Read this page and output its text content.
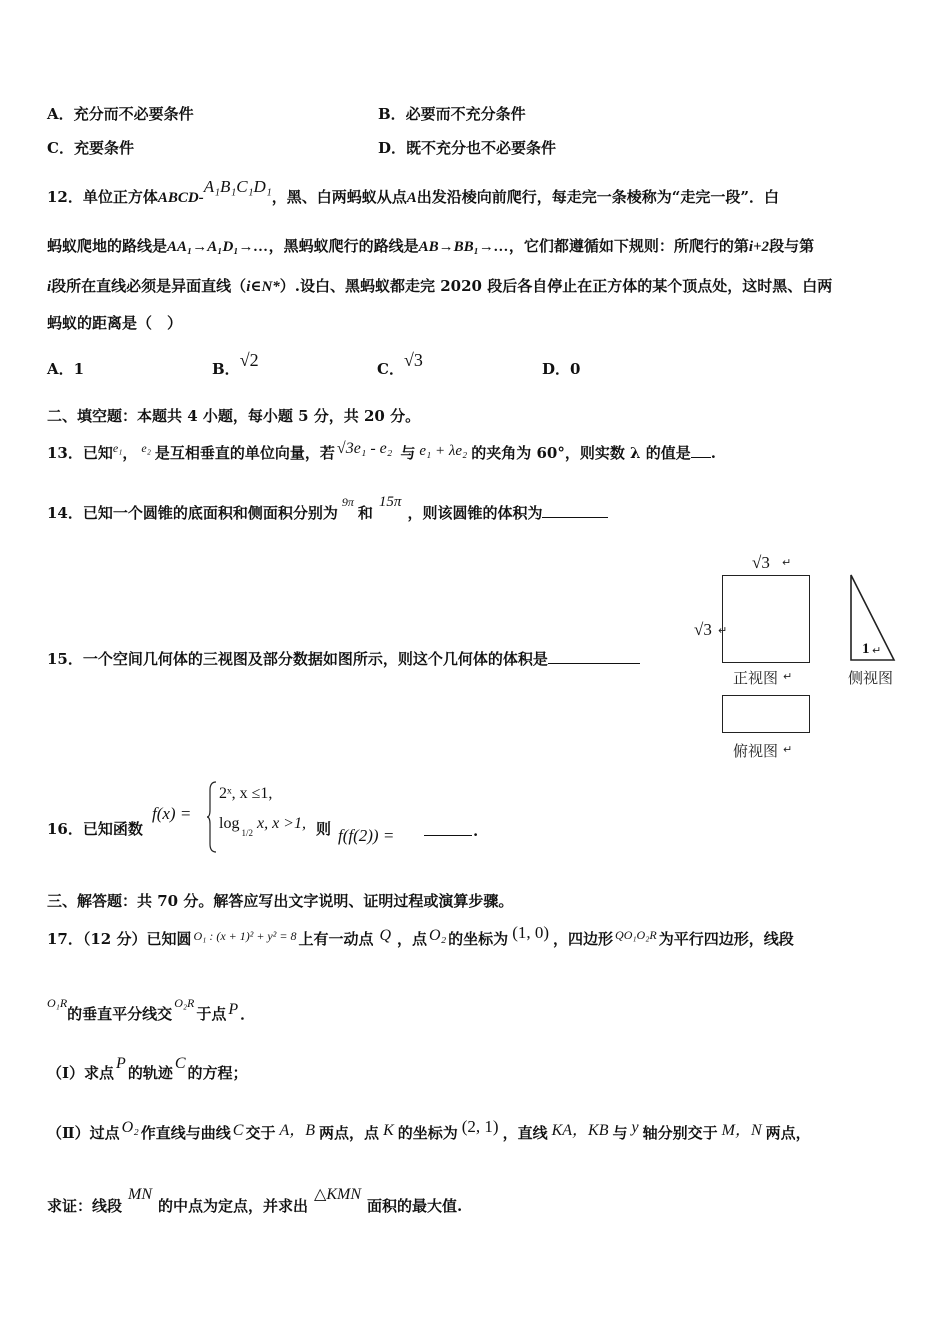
A．充分而不必要条件	B．必要而不充分条件
C．充要条件	D．既不充分也不必要条件
12．单位正方体ABCD-A₁B₁C₁D₁，黑、白两蚂蚁从点A出发沿棱向前爬行，每走完一条棱称为“走完一段”．白
蚂蚁爬地的路线是AA₁→A₁D₁→…，黑蚂蚁爬行的路线是AB→BB₁→…，它们都遵循如下规则：所爬行的第i+2段与第
i段所在直线必须是异面直线（i∈N*）.设白、黑蚂蚁都走完 2020 段后各自停止在正方体的某个顶点处，这时黑、白两
蚂蚁的距离是（　）
A．1	B．√2	C．√3	D．0
二、填空题：本题共 4 小题，每小题 5 分，共 20 分。
13．已知$^{e_1}$， $^{e_2}$ 是互相垂直的单位向量，若 √3e₁ - e₂ 与 e₁ + λe₂ 的夹角为 60°，则实数 λ 的值是 .
14．已知一个圆锥的底面积和侧面积分别为$^{9\pi}$和15π，则该圆锥的体积为
15．一个空间几何体的三视图及部分数据如图所示，则这个几何体的体积是
√3 ↵
√3 ↵
正视图 ↵
1 ↵
侧视图
俯视图 ↵
16．已知函数
f(x) =
2ˣ, x ≤1,
$\log_{1/2}x$, x >1, 则 f(f(2)) =	.
三、解答题：共 70 分。解答应写出文字说明、证明过程或演算步骤。
17．（12 分）已知圆 $^{O_1 : (x + 1)^2 + y^2 = 8}$ 上有一动点 Q ，点 O₂ 的坐标为 (1, 0) ，四边形 $^{QO_1O_2R}$ 为平行四边形，线段
$^{O_1R}$的垂直平分线交$^{O_2R}$于点 P ．
（Ⅰ）求点P的轨迹C的方程；
（Ⅱ）过点 O₂ 作直线与曲线 C 交于 A，B 两点，点 K 的坐标为 (2, 1) ，直线 KA，KB 与 y 轴分别交于 M，N 两点，
求证：线段MN的中点为定点，并求出△KMN面积的最大值.
